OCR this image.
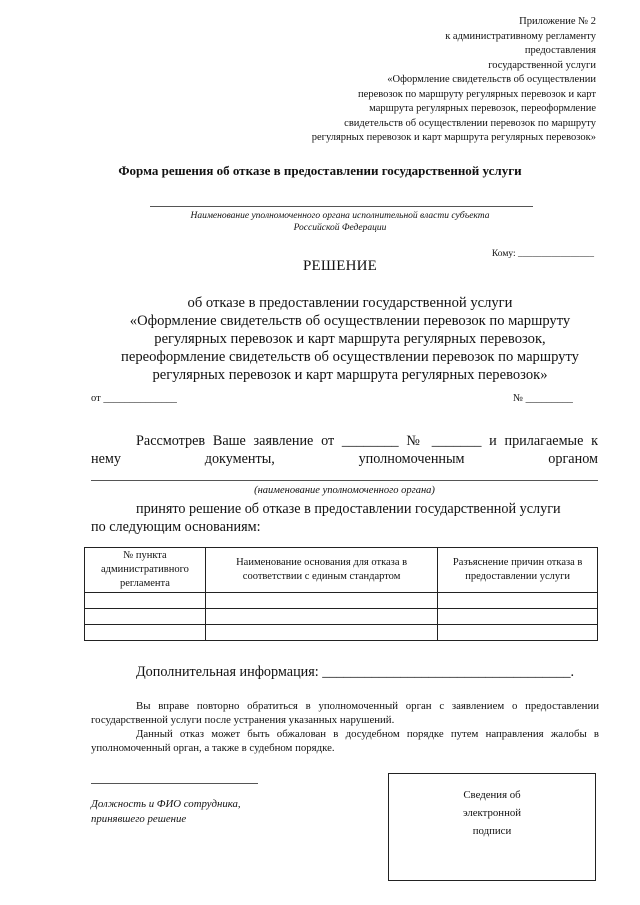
Приложение № 2
к административному регламенту
предоставления
государственной услуги
«Оформление свидетельств об осуществлении
перевозок по маршруту регулярных перевозок и карт
маршрута регулярных перевозок, переоформление
свидетельств об осуществлении перевозок по маршруту
регулярных перевозок и карт маршрута регулярных перевозок»
Форма решения об отказе в предоставлении государственной услуги
Наименование уполномоченного органа исполнительной власти субъекта
Российской Федерации
Кому: ________________
РЕШЕНИЕ
об отказе в предоставлении государственной услуги
«Оформление свидетельств об осуществлении перевозок по маршруту
регулярных перевозок и карт маршрута регулярных перевозок,
переоформление свидетельств об осуществлении перевозок по маршруту
регулярных перевозок и карт маршрута регулярных перевозок»
от ______________	№ _________
Рассмотрев Ваше заявление от ________ № _______ и прилагаемые к
нему документы, уполномоченным органом
(наименование уполномоченного органа)
принято решение об отказе в предоставлении государственной услуги
по следующим основаниям:
№ пункта административного регламента	Наименование основания для отказа в соответствии с единым стандартом	Разъяснение причин отказа в предоставлении услуги

Дополнительная информация: ___________________________________.
Вы вправе повторно обратиться в уполномоченный орган с заявлением о предоставлении государственной услуги после устранения указанных нарушений.
Данный отказ может быть обжалован в досудебном порядке путем направления жалобы в уполномоченный орган, а также в судебном порядке.
Должность и ФИО сотрудника,
принявшего решение
Сведения об
электронной
подписи
